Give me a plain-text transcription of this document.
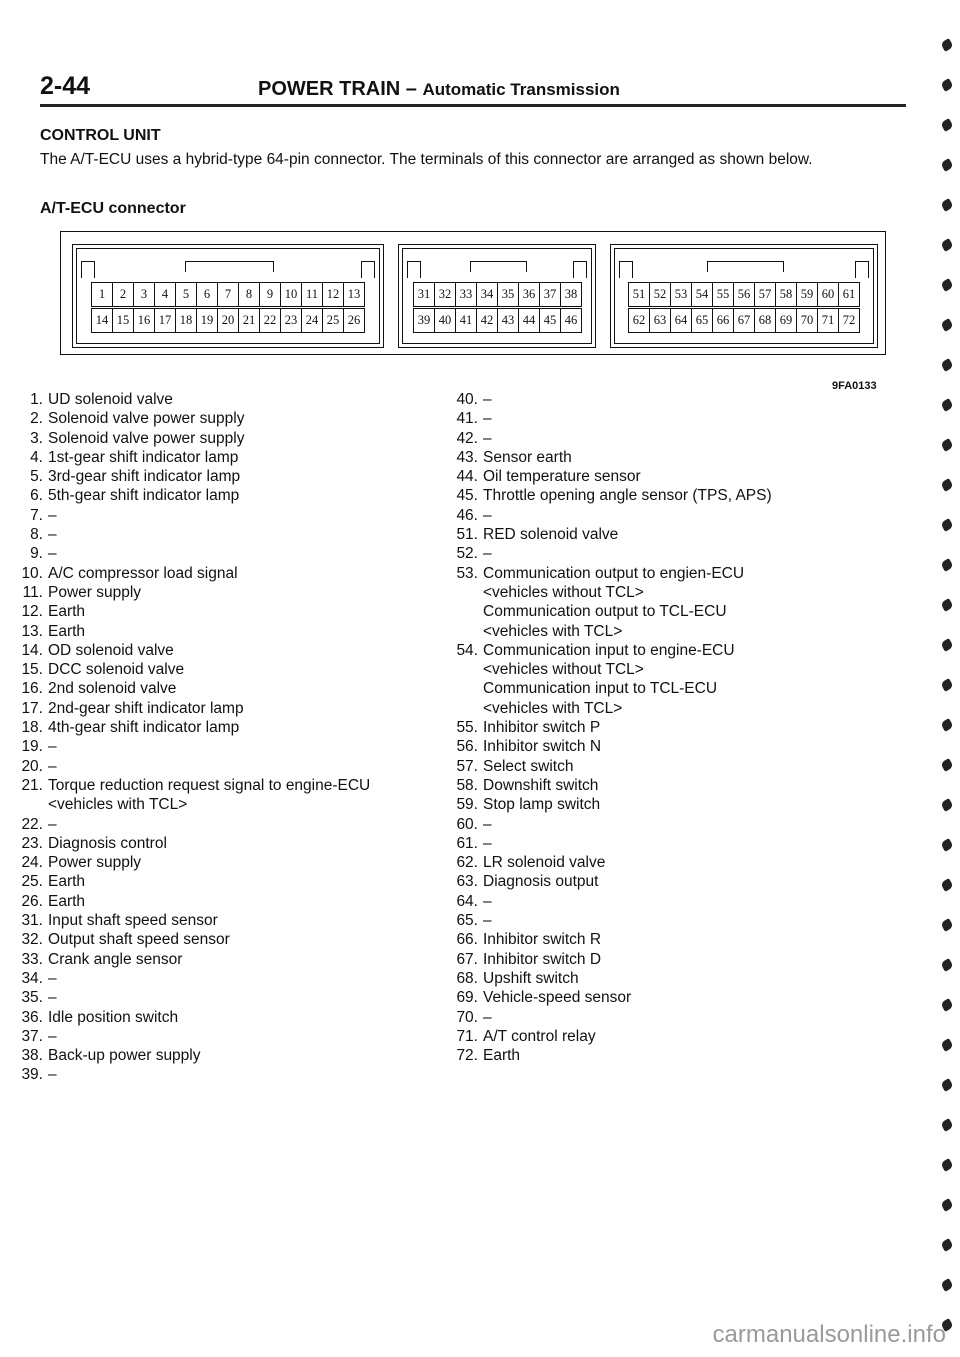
2-44	POWER TRAIN – Automatic Transmission
CONTROL UNIT
The A/T-ECU uses a hybrid-type 64-pin connector. The terminals of this connector are arranged as shown below.
A/T-ECU connector
1	2	3	4	5	6	7	8	9 10 11 12 13
14 15 16 17 18 19 20 21 22 23 24 25 26
31 32 33 34 35 36 37 38
39 40 41 42 43 44 45 46
51 52 53 54 55 56 57 58 59 60 61
62 63 64 65 66 67 68 69 70 71 72
9FA0133
1. UD solenoid valve
2. Solenoid valve power supply
3. Solenoid valve power supply
4. 1st-gear shift indicator lamp
5. 3rd-gear shift indicator lamp
6. 5th-gear shift indicator lamp
7. –
8. –
9. –
10. A/C compressor load signal
11. Power supply
12. Earth
13. Earth
14. OD solenoid valve
15. DCC solenoid valve
16. 2nd solenoid valve
17. 2nd-gear shift indicator lamp
18. 4th-gear shift indicator lamp
19. –
20. –
21. Torque reduction request signal to engine-ECU
<vehicles with TCL>
22. –
23. Diagnosis control
24. Power supply
25. Earth
26. Earth
31. Input shaft speed sensor
32. Output shaft speed sensor
33. Crank angle sensor
34. –
35. –
36. Idle position switch
37. –
38. Back-up power supply
39. –
40. –
41. –
42. –
43. Sensor earth
44. Oil temperature sensor
45. Throttle opening angle sensor (TPS, APS)
46. –
51. RED solenoid valve
52. –
53. Communication output to engien-ECU
<vehicles without TCL>
Communication output to TCL-ECU
<vehicles with TCL>
54. Communication input to engine-ECU
<vehicles without TCL>
Communication input to TCL-ECU
<vehicles with TCL>
55. Inhibitor switch P
56. Inhibitor switch N
57. Select switch
58. Downshift switch
59. Stop lamp switch
60. –
61. –
62. LR solenoid valve
63. Diagnosis output
64. –
65. –
66. Inhibitor switch R
67. Inhibitor switch D
68. Upshift switch
69. Vehicle-speed sensor
70. –
71. A/T control relay
72. Earth
carmanualsonline.info
